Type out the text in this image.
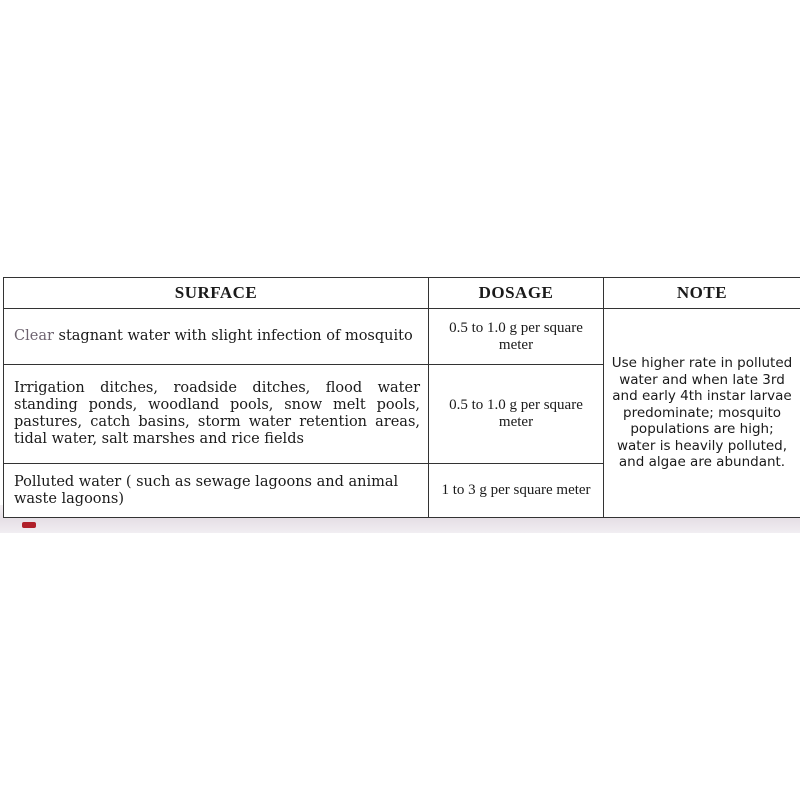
SURFACE	DOSAGE	NOTE
Clear stagnant water with slight infection of mosquito	0.5 to 1.0 g per square meter	Use higher rate in polluted water and when late 3rd and early 4th instar larvae predominate; mosquito populations are high; water is heavily polluted, and algae are abundant.
Irrigation ditches, roadside ditches, flood water standing ponds, woodland pools, snow melt pools, pastures, catch basins, storm water retention areas, tidal water, salt marshes and rice fields	0.5 to 1.0 g per square meter	
Polluted water ( such as sewage lagoons and animal waste lagoons)	1 to 3 g per square meter	
